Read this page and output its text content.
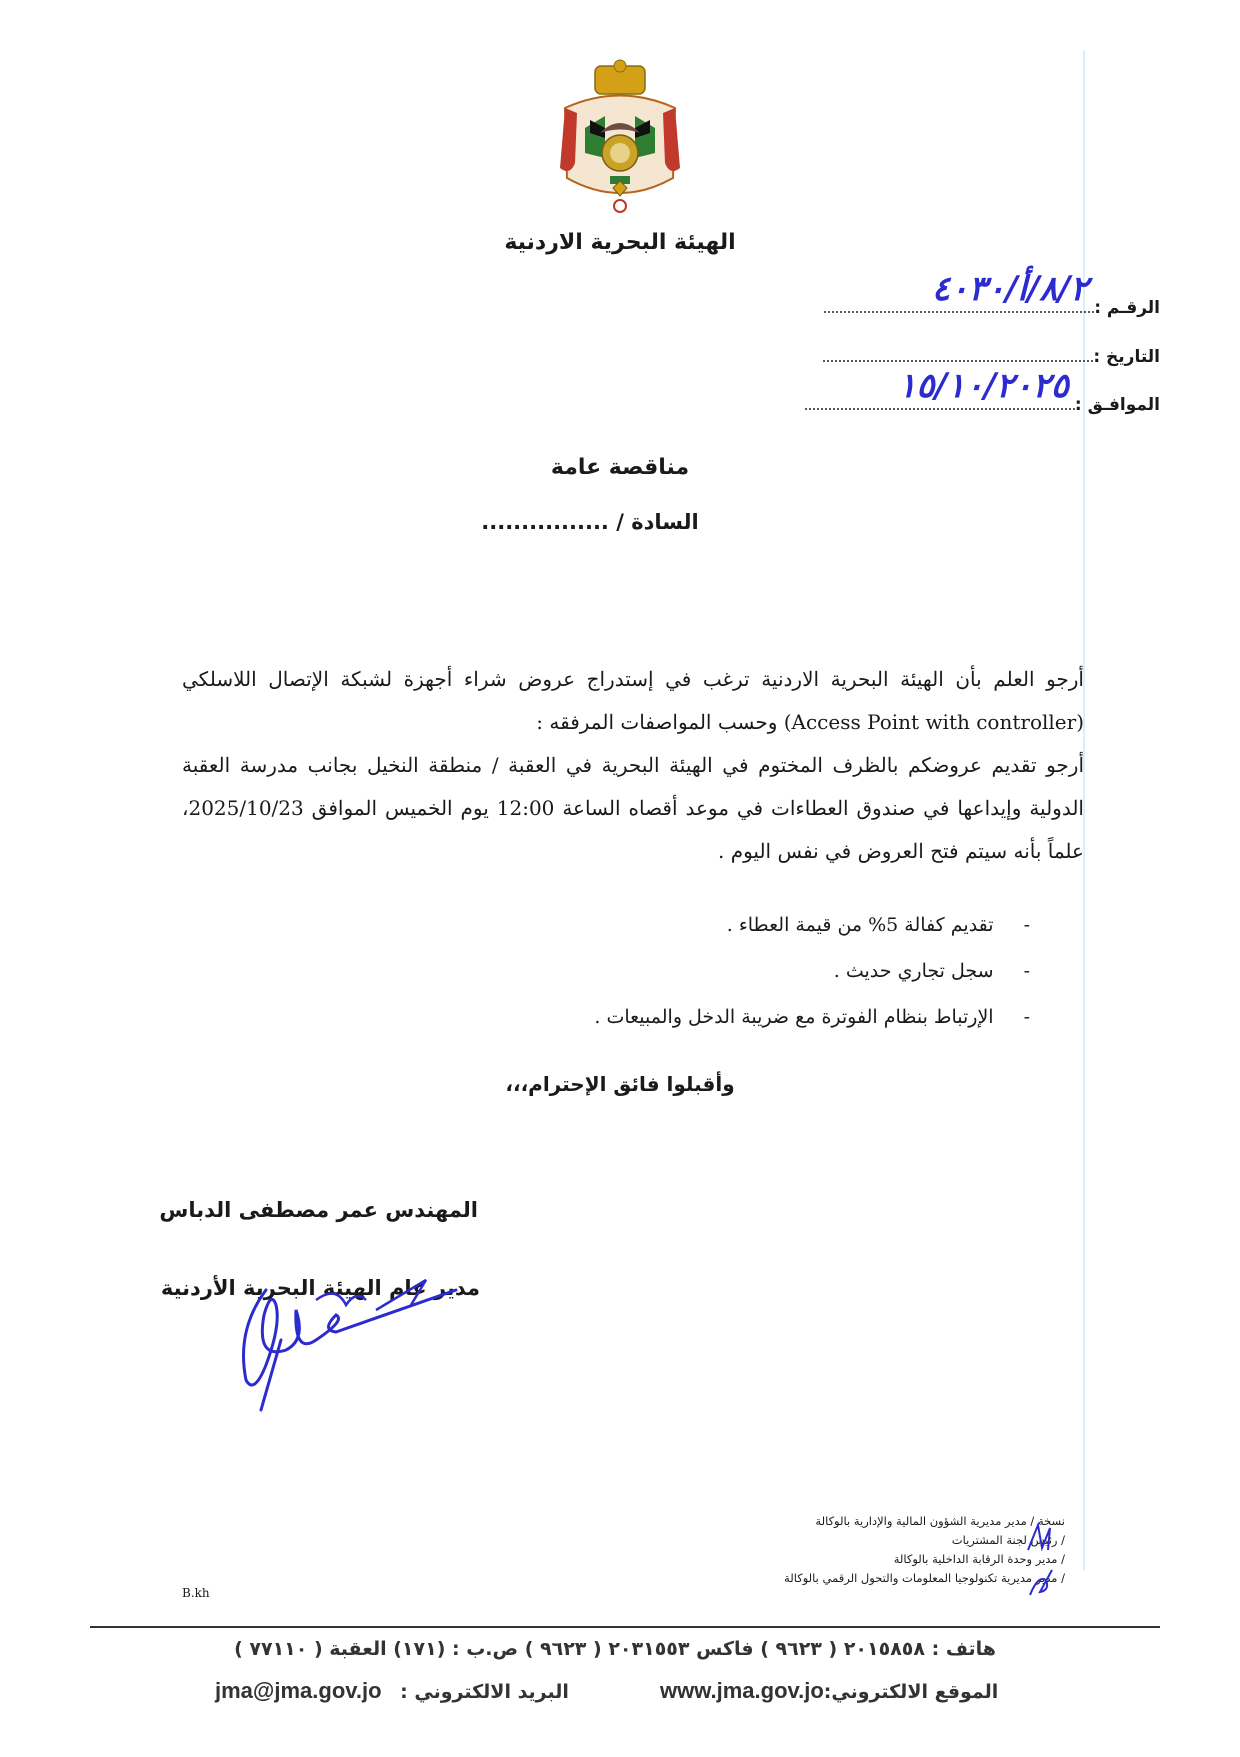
الهيئة البحرية الاردنية
الرقـم :
٨/٢/أ/٤٠٣٠
التاريخ :
الموافـق :
١٥/١٠/٢٠٢٥
مناقصة عامة
السادة / ................

أرجو العلم بأن الهيئة البحرية الاردنية ترغب في إستدراج عروض شراء أجهزة لشبكة الإتصال اللاسلكي (Access Point with controller) وحسب المواصفات المرفقه :

أرجو تقديم عروضكم بالظرف المختوم في الهيئة البحرية في العقبة / منطقة النخيل بجانب مدرسة العقبة الدولية وإيداعها في صندوق العطاءات في موعد أقصاه الساعة 12:00 يوم الخميس الموافق 2025/10/23، علماً بأنه سيتم فتح العروض في نفس اليوم .

- تقديم كفالة 5% من قيمة العطاء .
- سجل تجاري حديث .
- الإرتباط بنظام الفوترة مع ضريبة الدخل والمبيعات .
وأقبلوا فائق الإحترام،،،
المهندس عمر مصطفى الدباس
مدير عام الهيئة البحرية الأردنية
نسخة / مدير مديرية الشؤون المالية والإدارية بالوكالة
/ رئيس لجنة المشتريات
/ مدير وحدة الرقابة الداخلية بالوكالة
/ مدير مديرية تكنولوجيا المعلومات والتحول الرقمي بالوكالة
B.kh
هاتف : ٢٠١٥٨٥٨ ( ٩٦٢٣ ) فاكس ٢٠٣١٥٥٣ ( ٩٦٢٣ ) ص.ب : (١٧١) العقبة ( ٧٧١١٠ )
www.jma.gov.joالموقع الالكتروني:
jma@jma.gov.jo البريد الالكتروني :
